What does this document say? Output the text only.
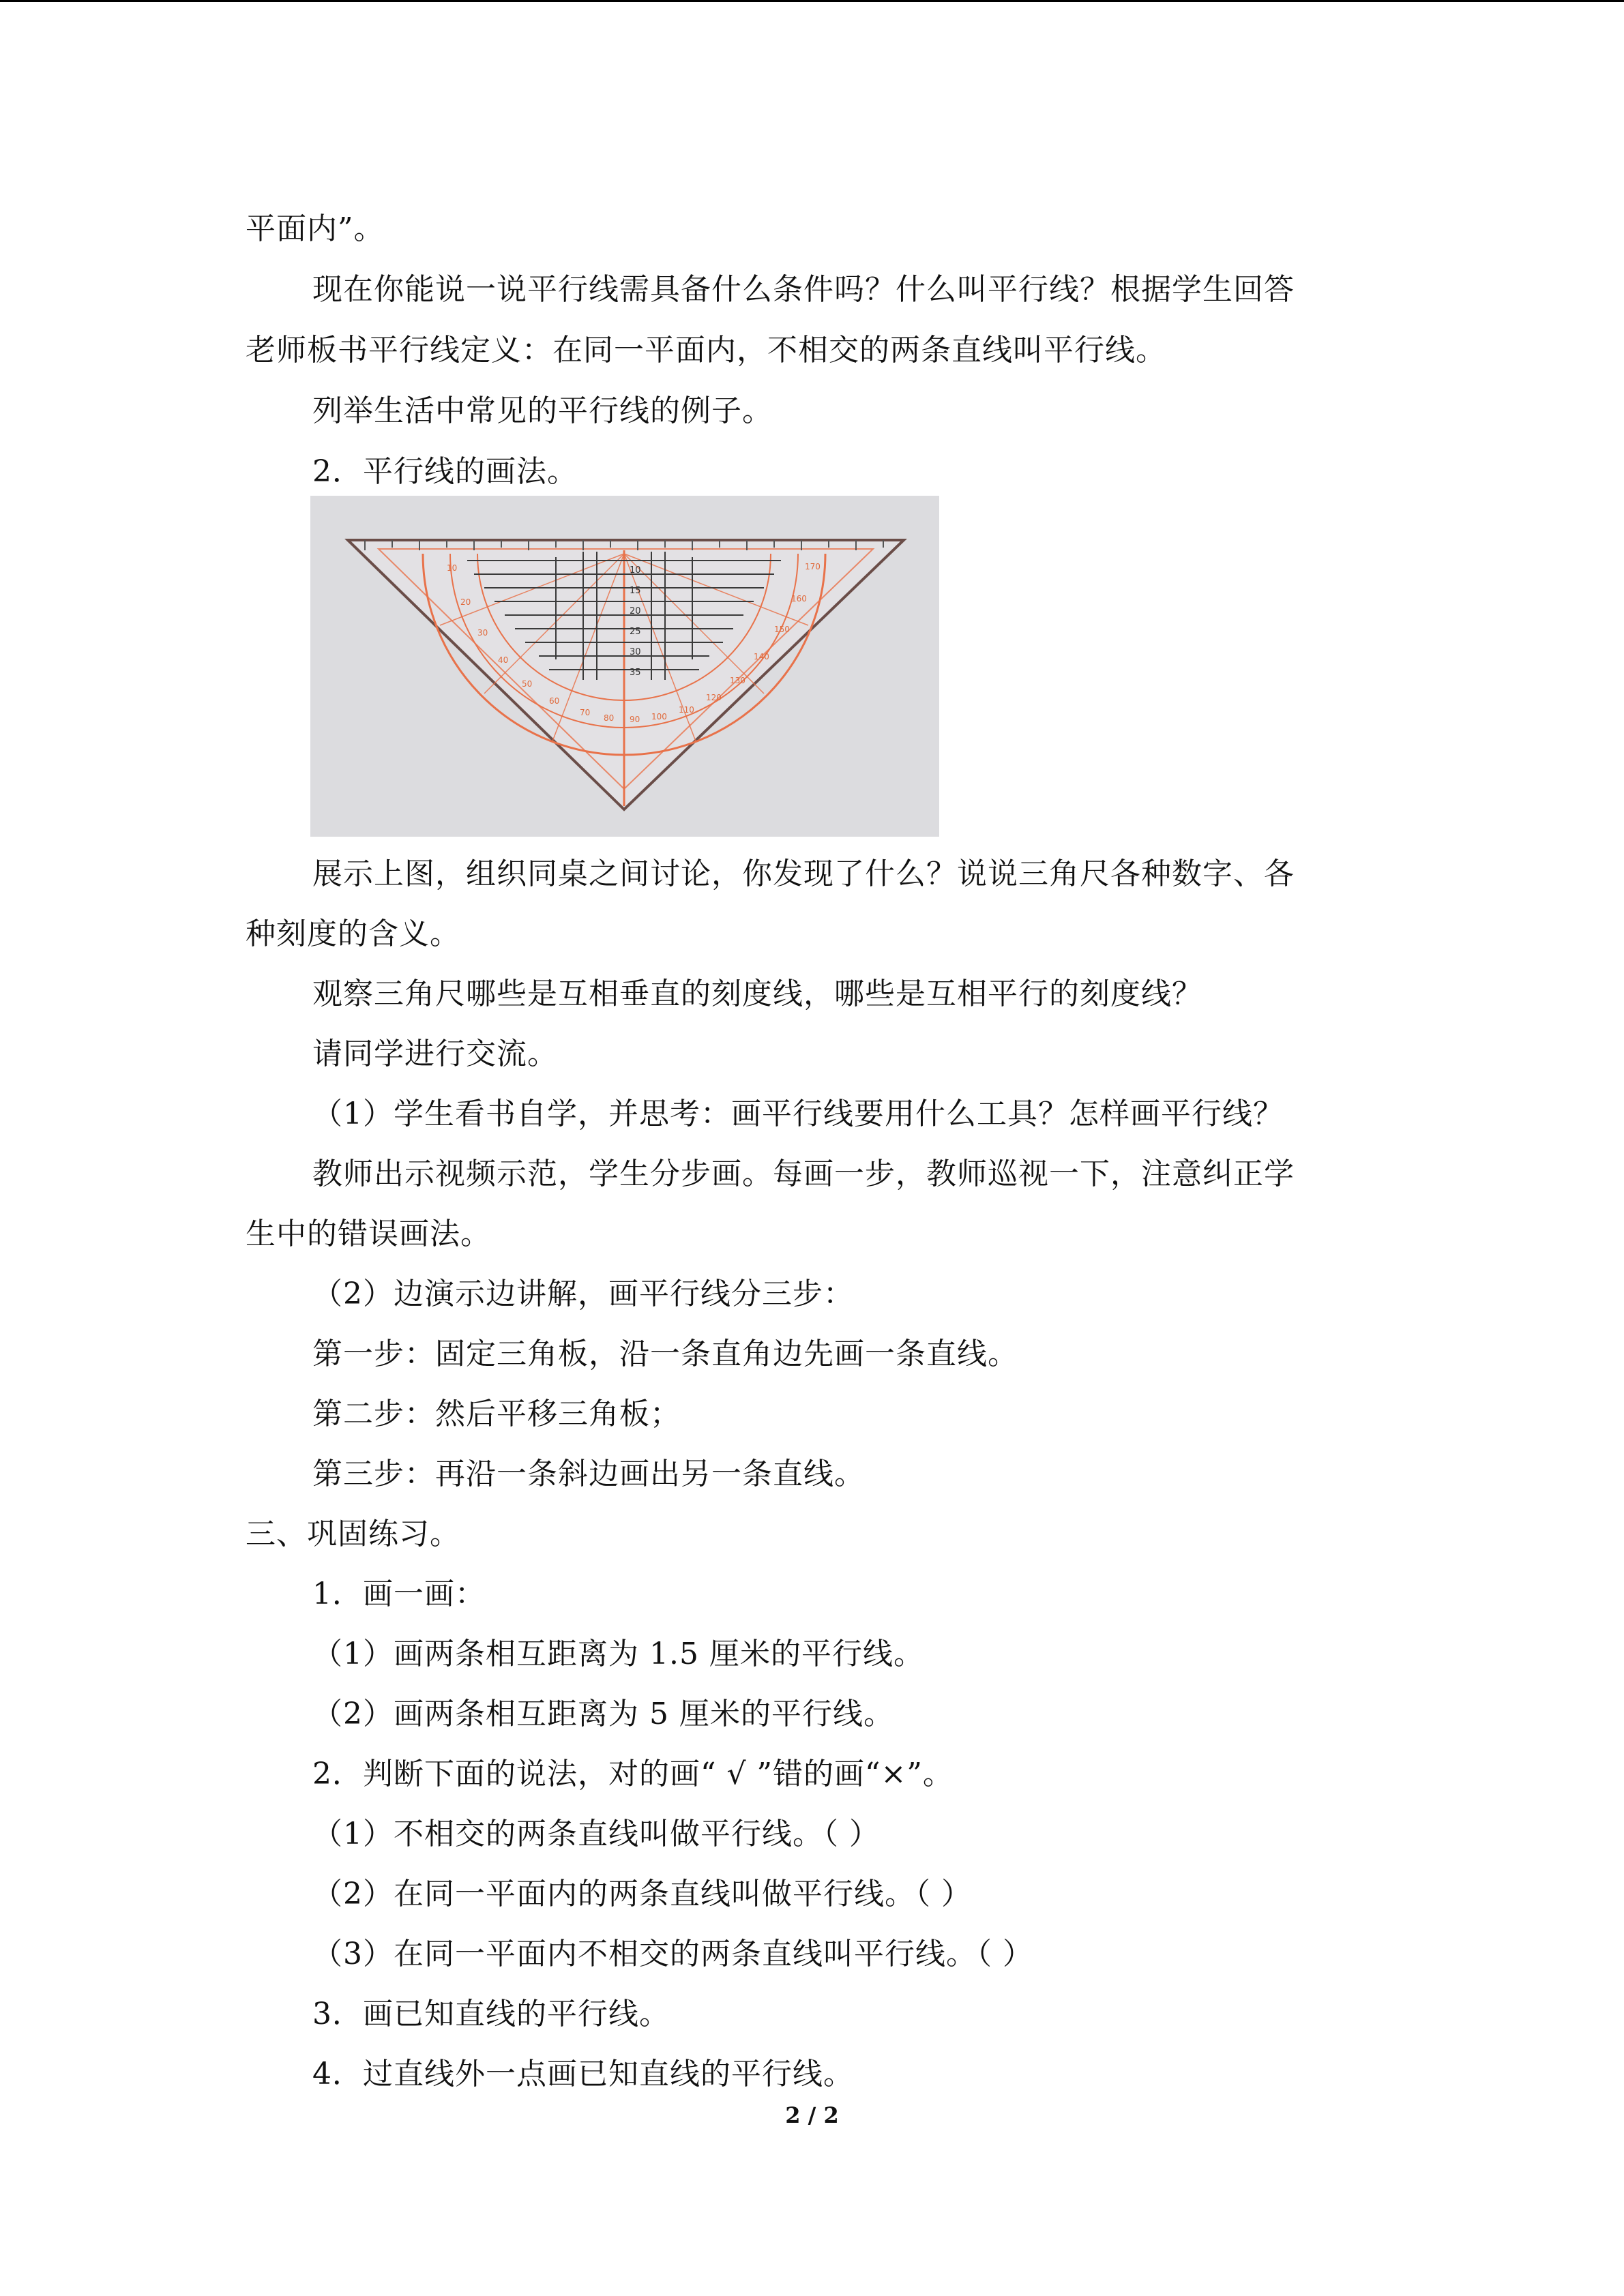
平面内”。
现在你能说一说平行线需具备什么条件吗？什么叫平行线？根据学生回答
老师板书平行线定义：在同一平面内，不相交的两条直线叫平行线。
列举生活中常见的平行线的例子。
2．平行线的画法。
10
15
20
25
30
35
10
20
30
40
50
60
70
80 90 100
110
120
130
140
150
160
170
展示上图，组织同桌之间讨论，你发现了什么？说说三角尺各种数字、各
种刻度的含义。
观察三角尺哪些是互相垂直的刻度线，哪些是互相平行的刻度线？
请同学进行交流。
（1）学生看书自学，并思考：画平行线要用什么工具？怎样画平行线？
教师出示视频示范，学生分步画。每画一步，教师巡视一下，注意纠正学
生中的错误画法。
（2）边演示边讲解，画平行线分三步：
第一步：固定三角板，沿一条直角边先画一条直线。
第二步：然后平移三角板；
第三步：再沿一条斜边画出另一条直线。
三、巩固练习。
1．画一画：
（1）画两条相互距离为 1.5 厘米的平行线。
（2）画两条相互距离为 5 厘米的平行线。
2．判断下面的说法，对的画“ √ ”错的画“×”。
（1）不相交的两条直线叫做平行线。（ ）
（2）在同一平面内的两条直线叫做平行线。（ ）
（3）在同一平面内不相交的两条直线叫平行线。（ ）
3．画已知直线的平行线。
4．过直线外一点画已知直线的平行线。
2 / 2
